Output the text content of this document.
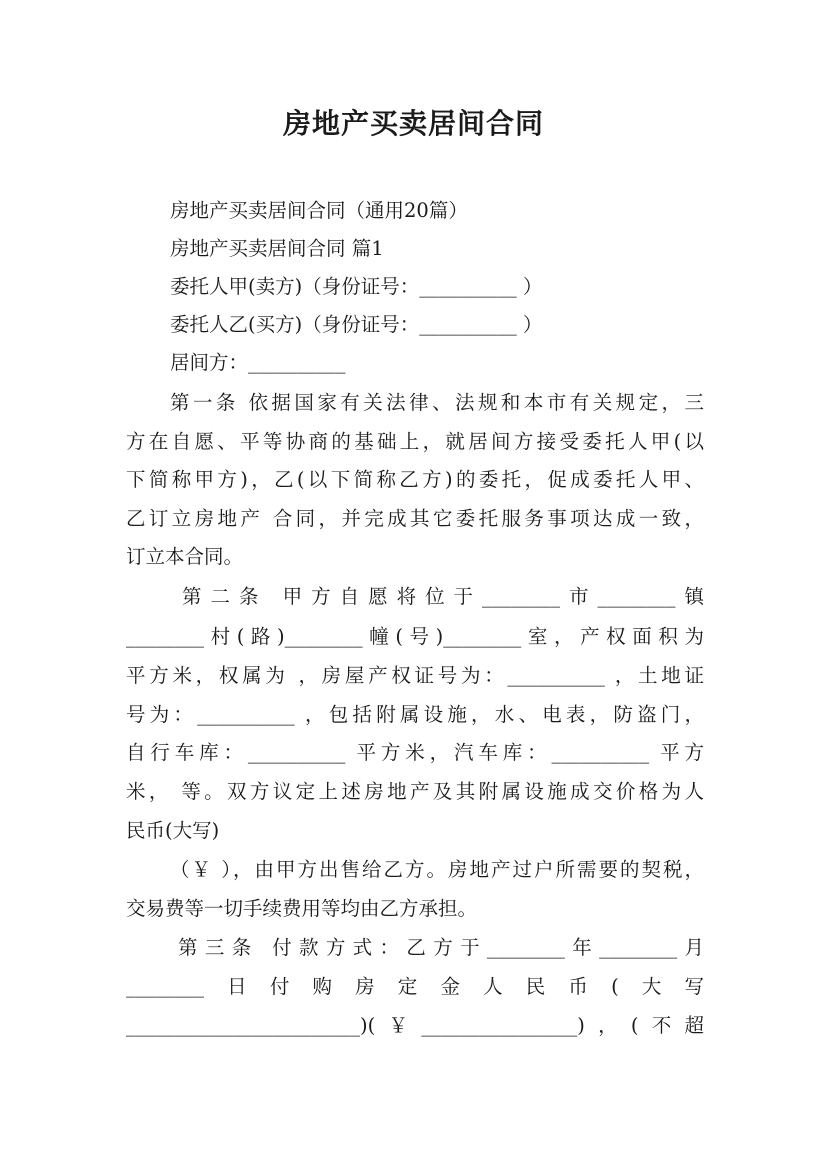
房地产买卖居间合同
房地产买卖居间合同（通用20篇）
房地产买卖居间合同 篇1
委托人甲(卖方)（身份证号：__________ ）
委托人乙(买方)（身份证号：__________ ）
居间方：__________
第一条 依据国家有关法律、法规和本市有关规定，三
方在自愿、平等协商的基础上，就居间方接受委托人甲(以
下简称甲方)，乙(以下简称乙方)的委托，促成委托人甲、
乙订立房地产 合同，并完成其它委托服务事项达成一致，
订立本合同。
第二条 甲方自愿将位于________市________镇
________村(路)________幢(号)________室，产权面积为
平方米，权属为 ，房屋产权证号为：__________ ，土地证
号为：__________ ，包括附属设施，水、电表，防盗门，
自行车库：__________ 平方米，汽车库：__________ 平方
米， 等。双方议定上述房地产及其附属设施成交价格为人
民币(大写)
（￥ ），由甲方出售给乙方。房地产过户所需要的契税，
交易费等一切手续费用等均由乙方承担。
第三条 付款方式：乙方于________年________月
________日付购房定金人民币(大写
________________________)(￥________________)，(不超
